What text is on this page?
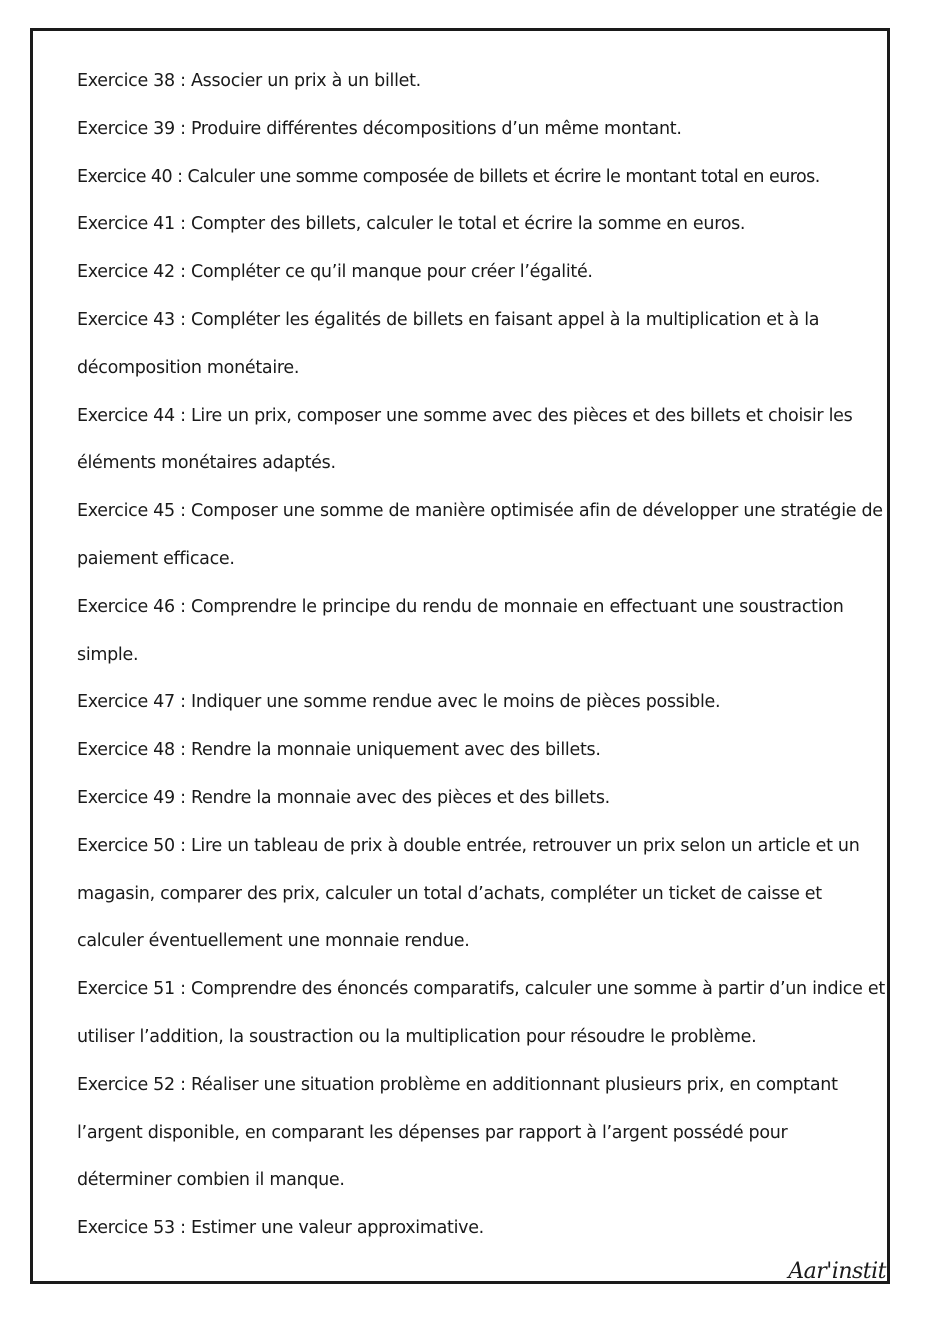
Exercice 38 : Associer un prix à un billet.
Exercice 39 : Produire différentes décompositions d’un même montant.
Exercice 40 : Calculer une somme composée de billets et écrire le montant total en euros.
Exercice 41 : Compter des billets, calculer le total et écrire la somme en euros.
Exercice 42 : Compléter ce qu’il manque pour créer l’égalité.
Exercice 43 : Compléter les égalités de billets en faisant appel à la multiplication et à la décomposition monétaire.
Exercice 44 : Lire un prix, composer une somme avec des pièces et des billets et choisir les éléments monétaires adaptés.
Exercice 45 : Composer une somme de manière optimisée afin de développer une stratégie de paiement efficace.
Exercice 46 : Comprendre le principe du rendu de monnaie en effectuant une soustraction simple.
Exercice 47 : Indiquer une somme rendue avec le moins de pièces possible.
Exercice 48 : Rendre la monnaie uniquement avec des billets.
Exercice 49 : Rendre la monnaie avec des pièces et des billets.
Exercice 50 : Lire un tableau de prix à double entrée, retrouver un prix selon un article et un magasin, comparer des prix, calculer un total d’achats, compléter un ticket de caisse et calculer éventuellement une monnaie rendue.
Exercice 51 : Comprendre des énoncés comparatifs, calculer une somme à partir d’un indice et utiliser l’addition, la soustraction ou la multiplication pour résoudre le problème.
Exercice 52 : Réaliser une situation problème en additionnant plusieurs prix, en comptant l’argent disponible, en comparant les dépenses par rapport à l’argent possédé pour déterminer combien il manque.
Exercice 53 : Estimer une valeur approximative.
Aar'instit
